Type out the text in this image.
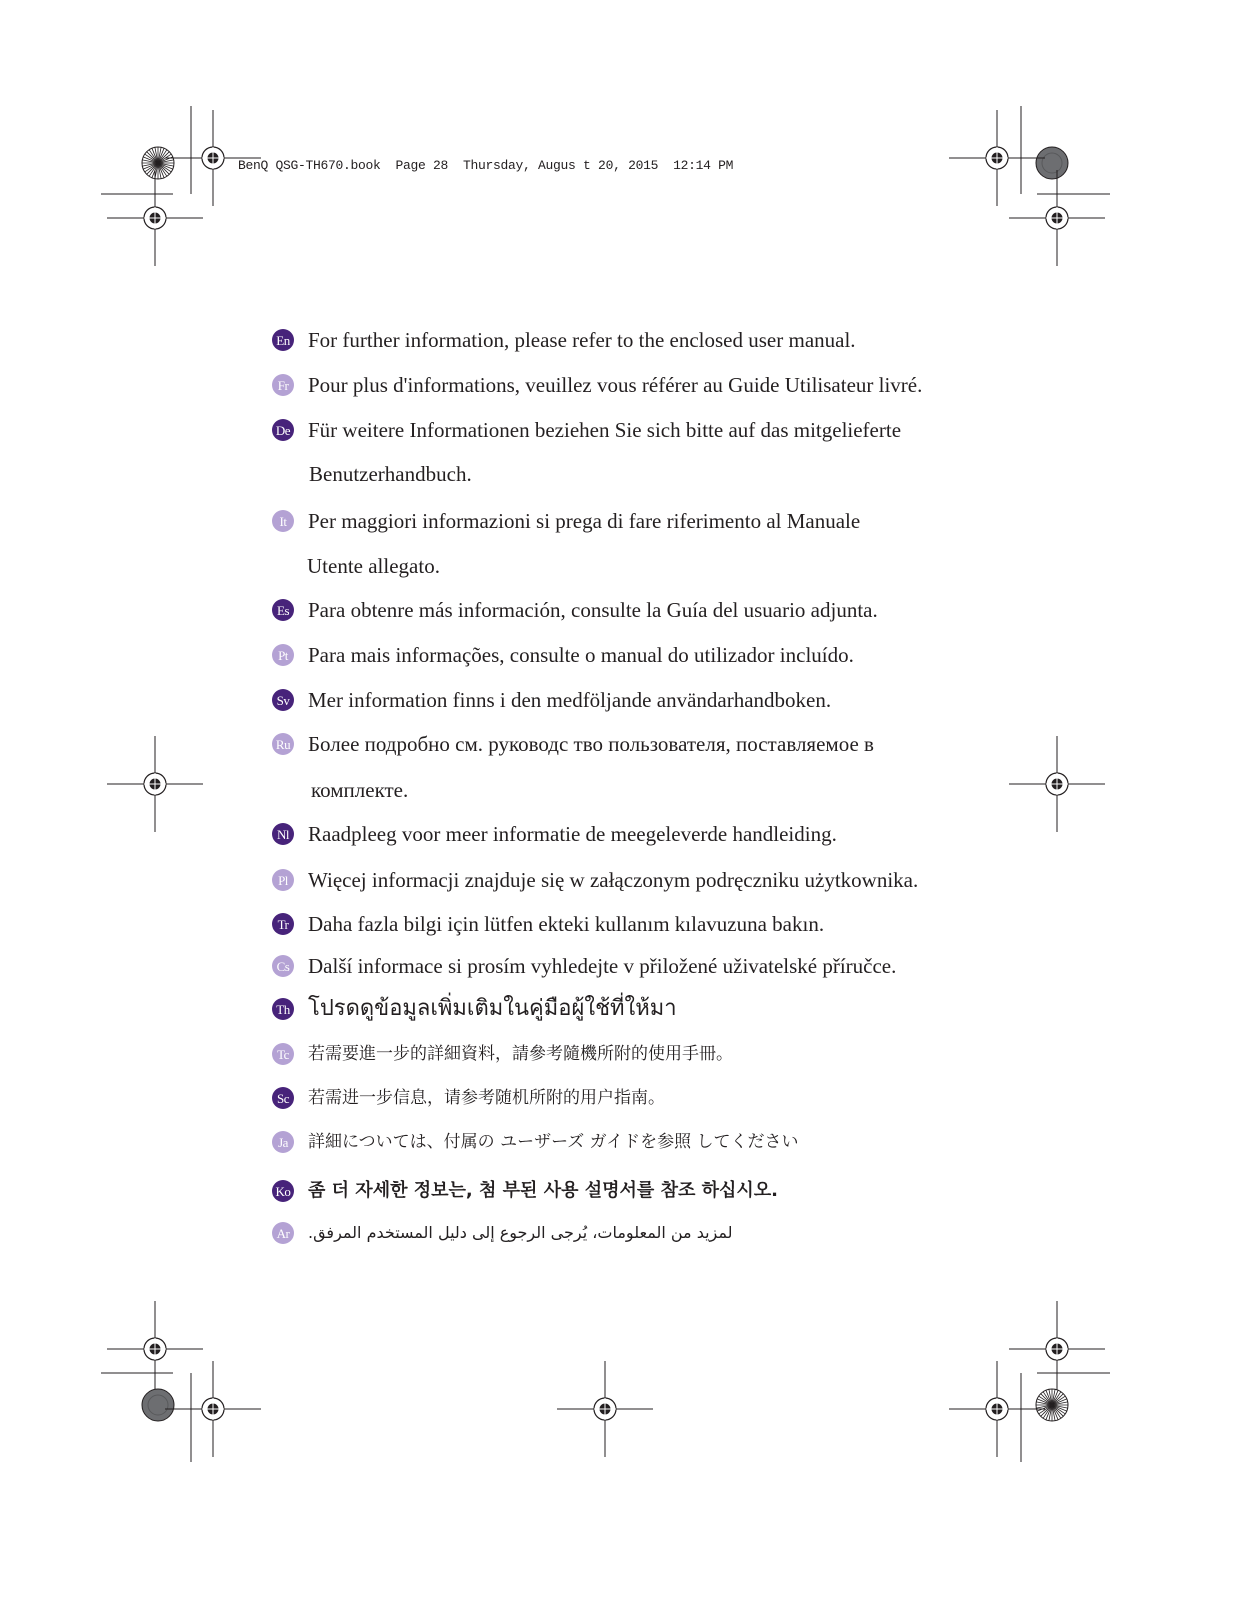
BenQ QSG-TH670.book  Page 28  Thursday, Augus t 20, 2015  12:14 PM
En For further information, please refer to the enclosed user manual.
Fr Pour plus d'informations, veuillez vous référer au Guide Utilisateur livré.
De Für weitere Informationen beziehen Sie sich bitte auf das mitgelieferte
Benutzerhandbuch.
It	Per maggiori informazioni si prega di fare riferimento al Manuale
Utente allegato.
Es Para obtenre más información, consulte la Guía del usuario adjunta.
Pt Para mais informações, consulte o manual do utilizador incluído.
Sv Mer information finns i den medföljande användarhandboken.
Ru Более подробно см. руководс тво пользователя, поставляемое в
комплекте.
Nl Raadpleeg voor meer informatie de meegeleverde handleiding.
Pl Więcej informacji znajduje się w załączonym podręczniku użytkownika.
Tr Daha fazla bilgi için lütfen ekteki kullanım kılavuzuna bakın.
Cs Další informace si prosím vyhledejte v přiložené uživatelské příručce.
Th โปรดดูข้อมูลเพิ่มเติมในคู่มือผู้ใช้ที่ให้มา
Tc 若需要進一步的詳細資料，請參考隨機所附的使用手冊。
Sc 若需进一步信息，请参考随机所附的用户指南。
Ja	詳細については、付属の ユーザーズ ガイドを参照 してください
Ko 좀 더 자세한 정보는, 첨 부된 사용 설명서를 참조 하십시오.
Ar لمزيد من المعلومات، يُرجى الرجوع إلى دليل المستخدم المرفق.
